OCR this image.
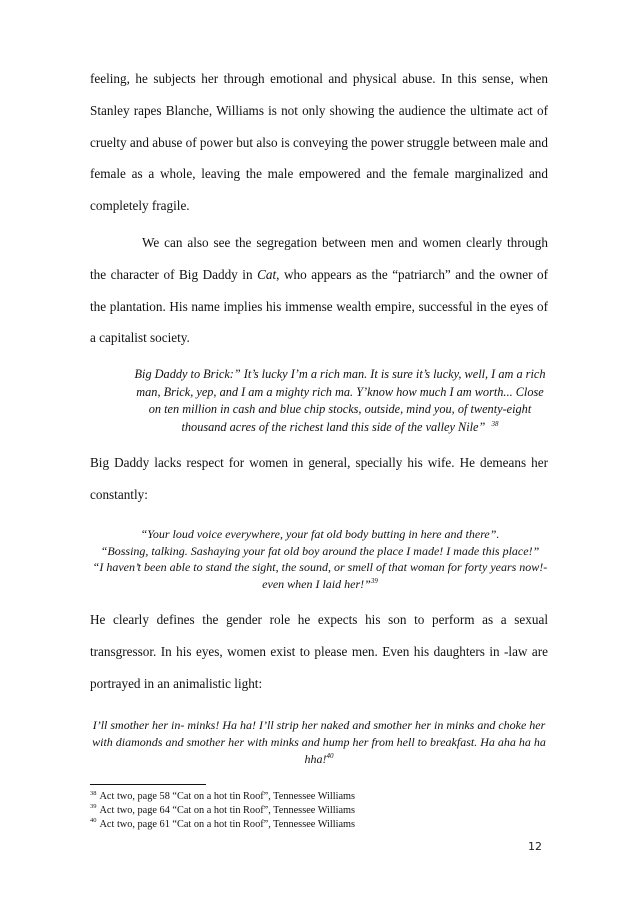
feeling, he subjects her through emotional and physical abuse. In this sense, when Stanley rapes Blanche, Williams is not only showing the audience the ultimate act of cruelty and abuse of power but also is conveying the power struggle between male and female as a whole, leaving the male empowered and the female marginalized and completely fragile.

We can also see the segregation between men and women clearly through the character of Big Daddy in Cat, who appears as the “patriarch” and the owner of the plantation. His name implies his immense wealth empire, successful in the eyes of a capitalist society.

Big Daddy to Brick:” It’s lucky I’m a rich man. It is sure it’s lucky, well, I am a rich man, Brick, yep, and I am a mighty rich ma. Y’know how much I am worth... Close on ten million in cash and blue chip stocks, outside, mind you, of twenty-eight thousand acres of the richest land this side of the valley Nile” $^{38}$

Big Daddy lacks respect for women in general, specially his wife. He demeans her constantly:

“Your loud voice everywhere, your fat old body butting in here and there”.
“Bossing, talking. Sashaying your fat old boy around the place I made! I made this place!”
“I haven’t been able to stand the sight, the sound, or smell of that woman for forty years now!- even when I laid her!”$^{39}$

He clearly defines the gender role he expects his son to perform as a sexual transgressor. In his eyes, women exist to please men. Even his daughters in -law are portrayed in an animalistic light:

I’ll smother her in- minks! Ha ha! I’ll strip her naked and smother her in minks and choke her with diamonds and smother her with minks and hump her from hell to breakfast. Ha aha ha ha hha!$^{40}$

$^{38}$ Act two, page 58 “Cat on a hot tin Roof”, Tennessee Williams

$^{39}$ Act two, page 64 “Cat on a hot tin Roof”, Tennessee Williams

$^{40}$ Act two, page 61 “Cat on a hot tin Roof”, Tennessee Williams

12
